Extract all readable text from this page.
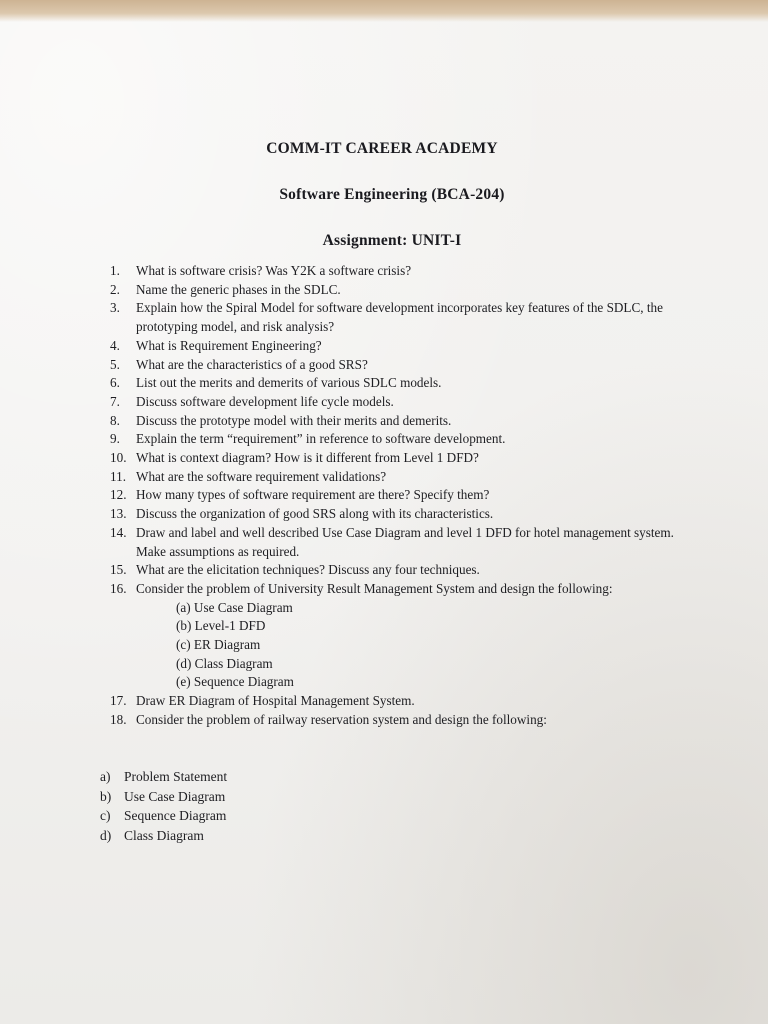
COMM-IT CAREER ACADEMY
Software Engineering (BCA-204)
Assignment: UNIT-I
1.	What is software crisis? Was Y2K a software crisis?
2.	Name the generic phases in the SDLC.
3.	Explain how the Spiral Model for software development incorporates key features of the SDLC, the prototyping model, and risk analysis?
4.	What is Requirement Engineering?
5.	What are the characteristics of a good SRS?
6.	List out the merits and demerits of various SDLC models.
7.	Discuss software development life cycle models.
8.	Discuss the prototype model with their merits and demerits.
9.	Explain the term “requirement” in reference to software development.
10. What is context diagram? How is it different from Level 1 DFD?
11. What are the software requirement validations?
12. How many types of software requirement are there? Specify them?
13. Discuss the organization of good SRS along with its characteristics.
14. Draw and label and well described Use Case Diagram and level 1 DFD for hotel management system. Make assumptions as required.
15. What are the elicitation techniques? Discuss any four techniques.
16. Consider the problem of University Result Management System and design the following:
(a) Use Case Diagram
(b) Level-1 DFD
(c) ER Diagram
(d) Class Diagram
(e) Sequence Diagram
17. Draw ER Diagram of Hospital Management System.
18. Consider the problem of railway reservation system and design the following:
a)	Problem Statement
b) Use Case Diagram
c)	Sequence Diagram
d) Class Diagram
